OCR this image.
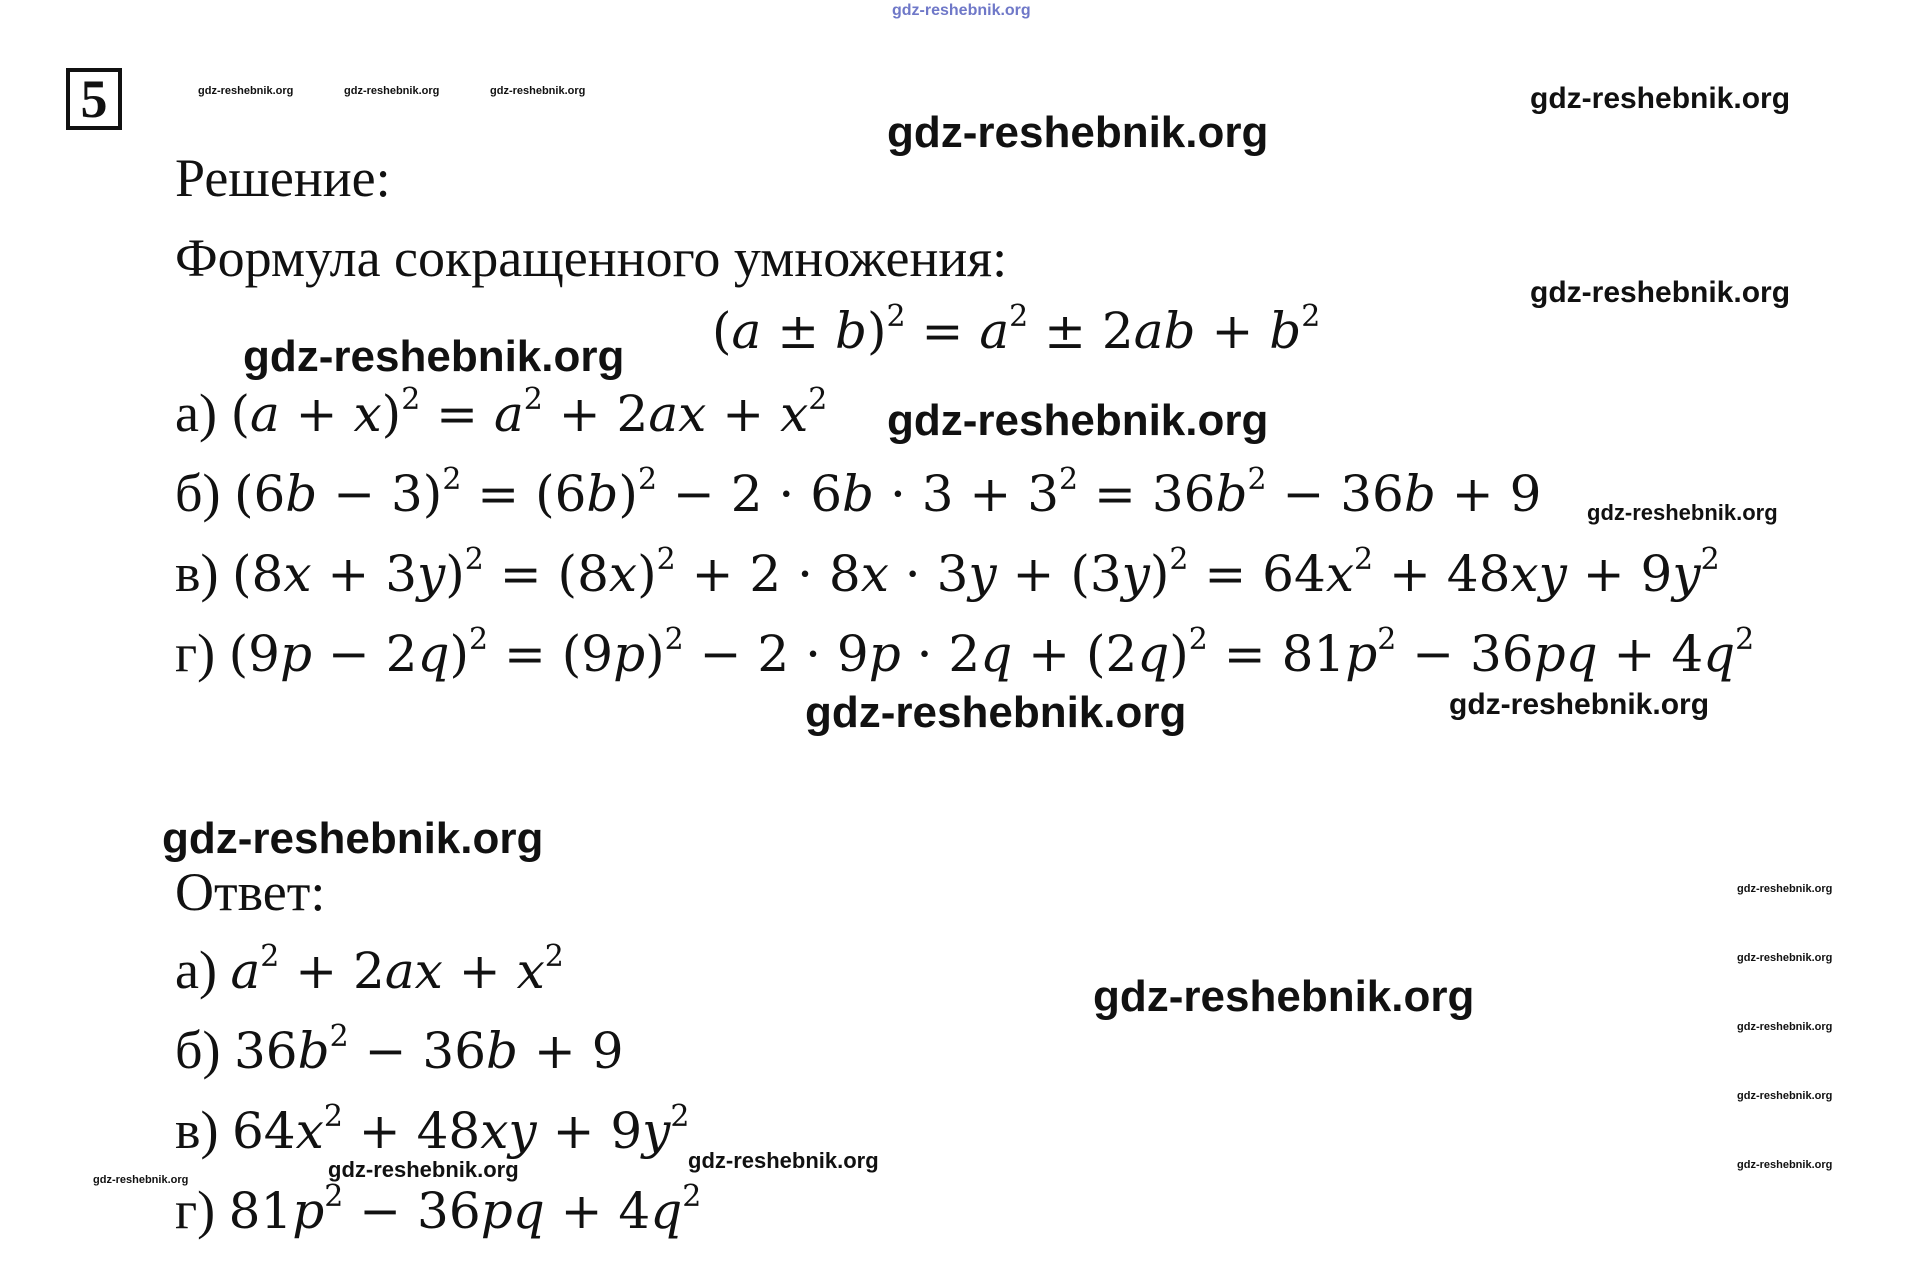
5
Решение:
Формула сокращенного умножения:
$(a \pm b)^2 = a^2 \pm 2ab + b^2$
а) $(a + x)^2 = a^2 + 2ax + x^2$
б) $(6b - 3)^2 = (6b)^2 - 2 \cdot 6b \cdot 3 + 3^2 = 36b^2 - 36b + 9$
в) $(8x + 3y)^2 = (8x)^2 + 2 \cdot 8x \cdot 3y + (3y)^2 = 64x^2 + 48xy + 9y^2$
г) $(9p - 2q)^2 = (9p)^2 - 2 \cdot 9p \cdot 2q + (2q)^2 = 81p^2 - 36pq + 4q^2$
Ответ:
а) $a^2 + 2ax + x^2$
б) $36b^2 - 36b + 9$
в) $64x^2 + 48xy + 9y^2$
г) $81p^2 - 36pq + 4q^2$
gdz-reshebnik.org
gdz-reshebnik.org	gdz-reshebnik.org	gdz-reshebnik.org	gdz-reshebnik.org
gdz-reshebnik.org
gdz-reshebnik.org
gdz-reshebnik.org
gdz-reshebnik.org
gdz-reshebnik.org
gdz-reshebnik.org	gdz-reshebnik.org
gdz-reshebnik.org
gdz-reshebnik.org
gdz-reshebnik.org
gdz-reshebnik.org
gdz-reshebnik.org
gdz-reshebnik.org
gdz-reshebnik.org
gdz-reshebnik.org
gdz-reshebnik.org
gdz-reshebnik.org
